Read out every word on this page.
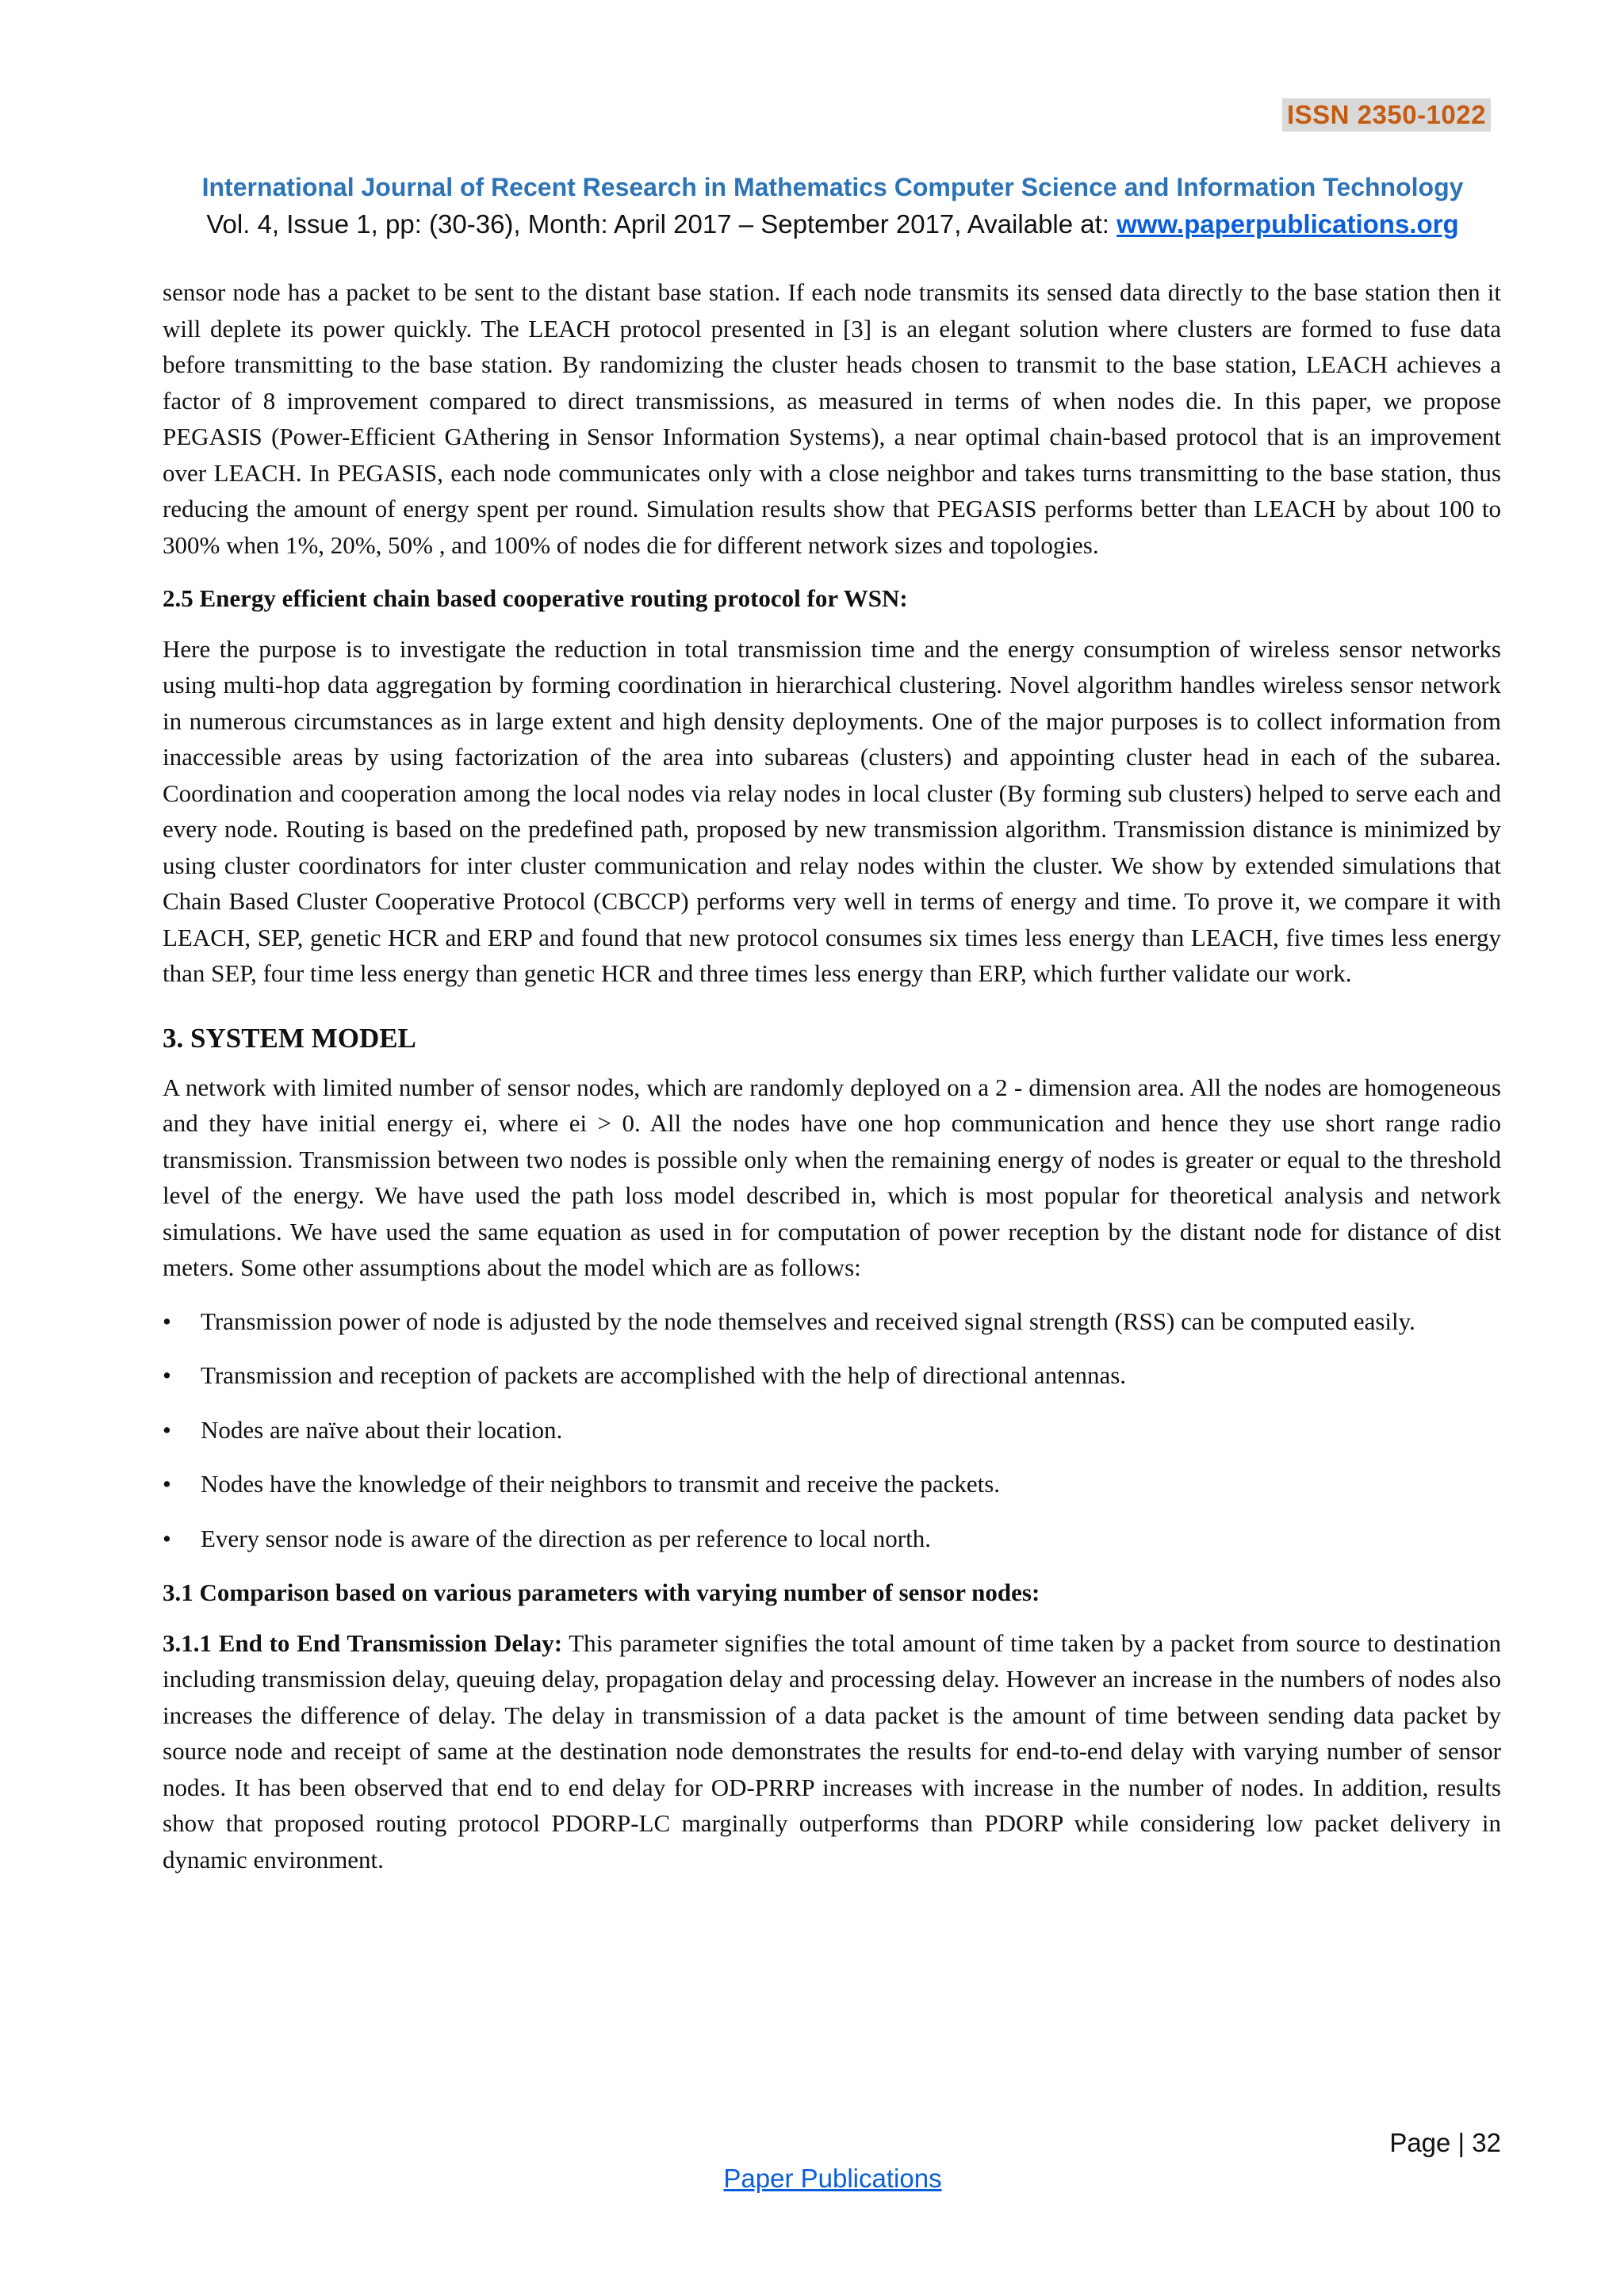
ISSN 2350-1022
International Journal of Recent Research in Mathematics Computer Science and Information Technology
Vol. 4, Issue 1, pp: (30-36), Month: April 2017 – September 2017, Available at: www.paperpublications.org

sensor node has a packet to be sent to the distant base station. If each node transmits its sensed data directly to the base station then it will deplete its power quickly. The LEACH protocol presented in [3] is an elegant solution where clusters are formed to fuse data before transmitting to the base station. By randomizing the cluster heads chosen to transmit to the base station, LEACH achieves a factor of 8 improvement compared to direct transmissions, as measured in terms of when nodes die. In this paper, we propose PEGASIS (Power-Efficient GAthering in Sensor Information Systems), a near optimal chain-based protocol that is an improvement over LEACH. In PEGASIS, each node communicates only with a close neighbor and takes turns transmitting to the base station, thus reducing the amount of energy spent per round. Simulation results show that PEGASIS performs better than LEACH by about 100 to 300% when 1%, 20%, 50% , and 100% of nodes die for different network sizes and topologies.

2.5 Energy efficient chain based cooperative routing protocol for WSN:

Here the purpose is to investigate the reduction in total transmission time and the energy consumption of wireless sensor networks using multi-hop data aggregation by forming coordination in hierarchical clustering. Novel algorithm handles wireless sensor network in numerous circumstances as in large extent and high density deployments. One of the major purposes is to collect information from inaccessible areas by using factorization of the area into subareas (clusters) and appointing cluster head in each of the subarea. Coordination and cooperation among the local nodes via relay nodes in local cluster (By forming sub clusters) helped to serve each and every node. Routing is based on the predefined path, proposed by new transmission algorithm. Transmission distance is minimized by using cluster coordinators for inter cluster communication and relay nodes within the cluster. We show by extended simulations that Chain Based Cluster Cooperative Protocol (CBCCP) performs very well in terms of energy and time. To prove it, we compare it with LEACH, SEP, genetic HCR and ERP and found that new protocol consumes six times less energy than LEACH, five times less energy than SEP, four time less energy than genetic HCR and three times less energy than ERP, which further validate our work.

3. SYSTEM MODEL

A network with limited number of sensor nodes, which are randomly deployed on a 2 - dimension area. All the nodes are homogeneous and they have initial energy ei, where ei > 0. All the nodes have one hop communication and hence they use short range radio transmission. Transmission between two nodes is possible only when the remaining energy of nodes is greater or equal to the threshold level of the energy. We have used the path loss model described in, which is most popular for theoretical analysis and network simulations. We have used the same equation as used in for computation of power reception by the distant node for distance of dist meters. Some other assumptions about the model which are as follows:

• Transmission power of node is adjusted by the node themselves and received signal strength (RSS) can be computed easily.
• Transmission and reception of packets are accomplished with the help of directional antennas.
• Nodes are naïve about their location.
• Nodes have the knowledge of their neighbors to transmit and receive the packets.
• Every sensor node is aware of the direction as per reference to local north.

3.1 Comparison based on various parameters with varying number of sensor nodes:

3.1.1 End to End Transmission Delay: This parameter signifies the total amount of time taken by a packet from source to destination including transmission delay, queuing delay, propagation delay and processing delay. However an increase in the numbers of nodes also increases the difference of delay. The delay in transmission of a data packet is the amount of time between sending data packet by source node and receipt of same at the destination node demonstrates the results for end-to-end delay with varying number of sensor nodes. It has been observed that end to end delay for OD-PRRP increases with increase in the number of nodes. In addition, results show that proposed routing protocol PDORP-LC marginally outperforms than PDORP while considering low packet delivery in dynamic environment.

Page | 32
Paper Publications
